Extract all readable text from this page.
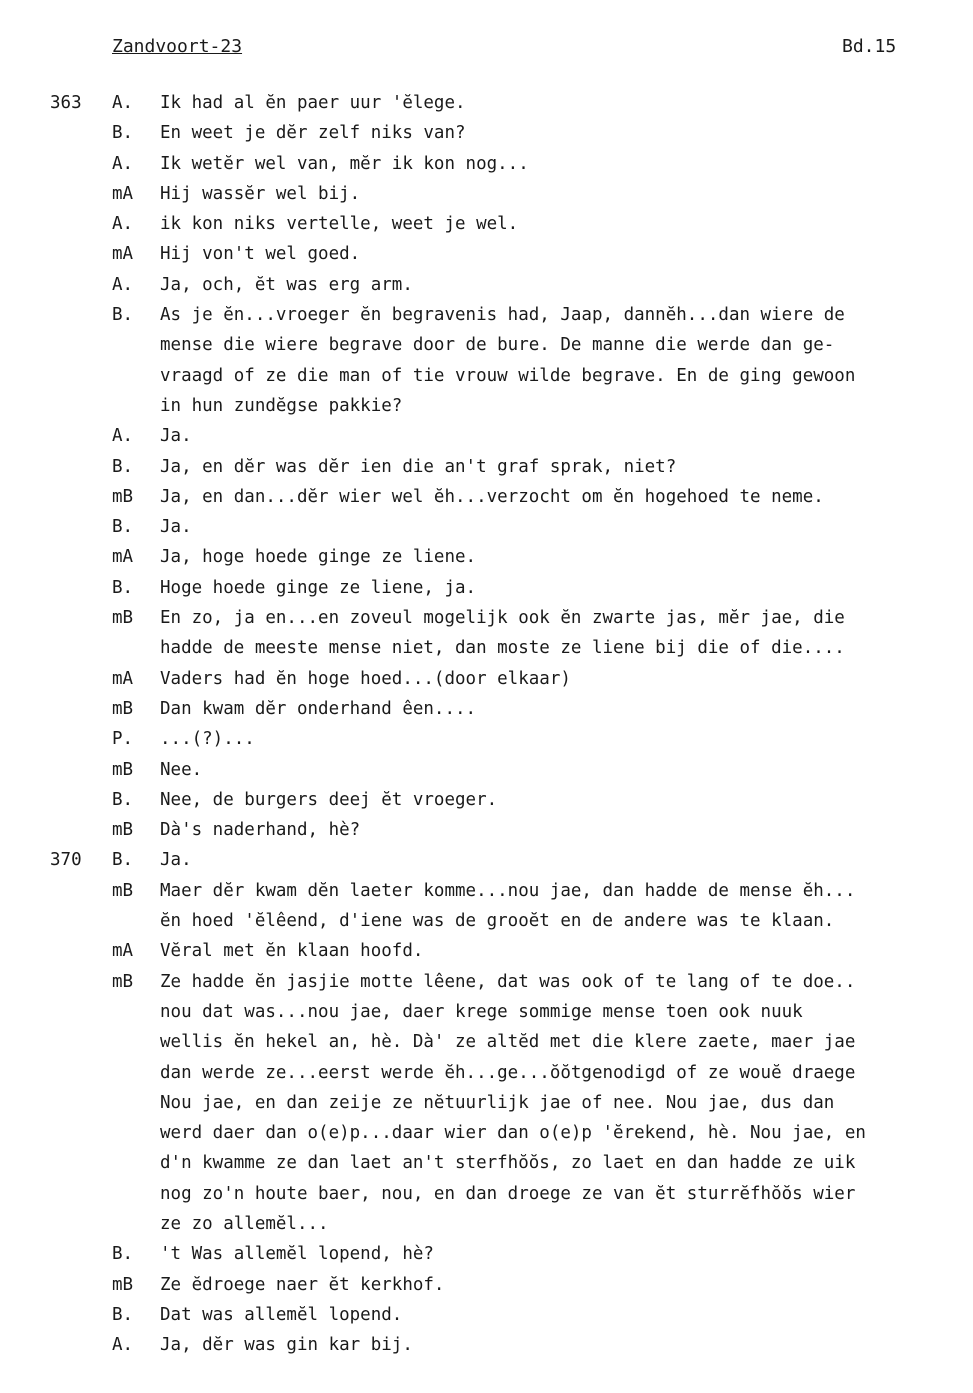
Zandvoort-23	Bd.15
363 A. Ik had al ĕn paer uur 'ĕlege.
B. En weet je dĕr zelf niks van?
A. Ik wetĕr wel van, mĕr ik kon nog...
mA Hij wassĕr wel bij.
A. ik kon niks vertelle, weet je wel.
mA Hij von't wel goed.
A. Ja, och, ĕt was erg arm.
B. As je ĕn...vroeger ĕn begravenis had, Jaap, dannĕh...dan wiere de
mense die wiere begrave door de bure. De manne die werde dan ge-
vraagd of ze die man of tie vrouw wilde begrave. En de ging gewoon
in hun zundĕgse pakkie?
A. Ja.
B. Ja, en dĕr was dĕr ien die an't graf sprak, niet?
mB Ja, en dan...dĕr wier wel ĕh...verzocht om ĕn hogehoed te neme.
B. Ja.
mA Ja, hoge hoede ginge ze liene.
B. Hoge hoede ginge ze liene, ja.
mB En zo, ja en...en zoveul mogelijk ook ĕn zwarte jas, mĕr jae, die
hadde de meeste mense niet, dan moste ze liene bij die of die....
mA Vaders had ĕn hoge hoed...(door elkaar)
mB Dan kwam dĕr onderhand êen....
P. ...(?)...
mB Nee.
B. Nee, de burgers deej ĕt vroeger.
mB Dà's naderhand, hè?
370 B. Ja.
mB Maer dĕr kwam dĕn laeter komme...nou jae, dan hadde de mense ĕh...
ĕn hoed 'ĕlêend, d'iene was de grooĕt en de andere was te klaan.
mA Vĕral met ĕn klaan hoofd.
mB Ze hadde ĕn jasjie motte lêene, dat was ook of te lang of te doe..
nou dat was...nou jae, daer krege sommige mense toen ook nuuk
wellis ĕn hekel an, hè. Dà' ze altĕd met die klere zaete, maer jae
dan werde ze...eerst werde ĕh...ge...ŏŏtgenodigd of ze wouĕ draege
Nou jae, en dan zeije ze nĕtuurlijk jae of nee. Nou jae, dus dan
werd daer dan o(e)p...daar wier dan o(e)p 'ĕrekend, hè. Nou jae, en
d'n kwamme ze dan laet an't sterfhŏŏs, zo laet en dan hadde ze uik
nog zo'n houte baer, nou, en dan droege ze van ĕt sturrĕfhŏŏs wier
ze zo allemĕl...
B. 't Was allemĕl lopend, hè?
mB Ze ĕdroege naer ĕt kerkhof.
B. Dat was allemĕl lopend.
A. Ja, dĕr was gin kar bij.
